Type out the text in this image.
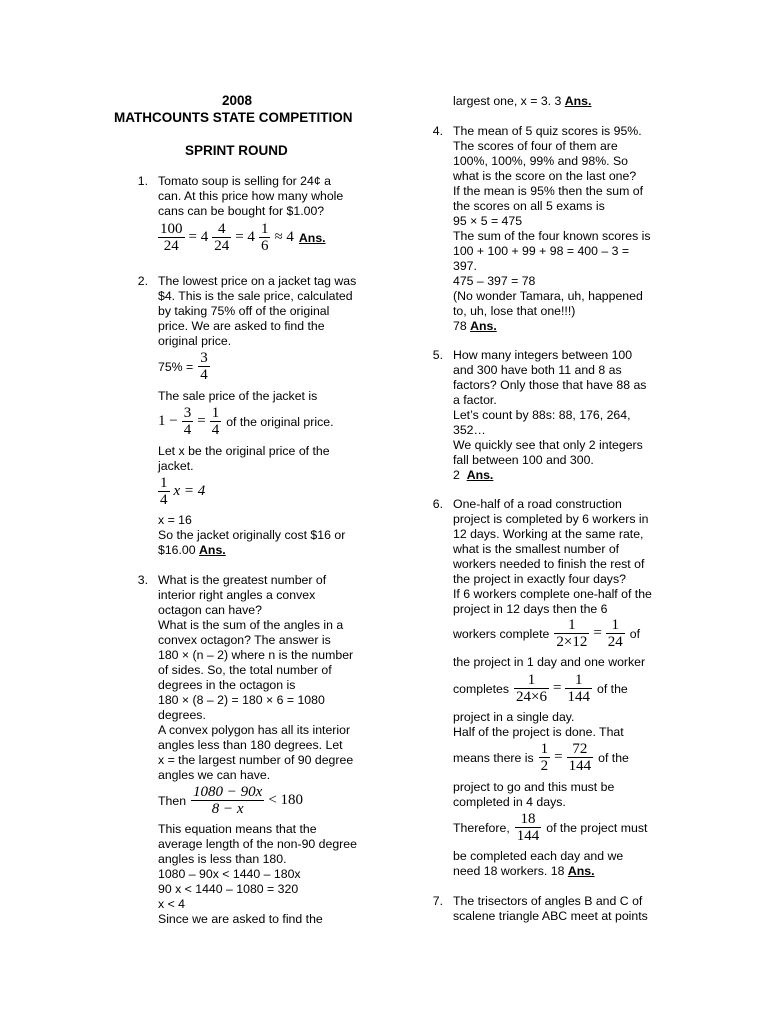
2008
MATHCOUNTS STATE COMPETITION
SPRINT ROUND
1. Tomato soup is selling for 24¢ a
can. At this price how many whole
cans can be bought for $1.00?
$\frac{100}{24} = 4 \frac{4}{24} = 4 \frac{1}{6} \approx 4$ Ans.
2. The lowest price on a jacket tag was
$4. This is the sale price, calculated
by taking 75% off of the original
price. We are asked to find the
original price.
$75\% = \frac{3}{4}$
The sale price of the jacket is
$1 - \frac{3}{4} = \frac{1}{4}$ of the original price.
Let x be the original price of the
jacket.
$\frac{1}{4}$ x = 4
x = 16
So the jacket originally cost $16 or
$16.00 Ans.
3. What is the greatest number of
interior right angles a convex
octagon can have?
What is the sum of the angles in a
convex octagon? The answer is
180 × (n – 2) where n is the number
of sides. So, the total number of
degrees in the octagon is
180 × (8 – 2) = 180 × 6 = 1080
degrees.
A convex polygon has all its interior
angles less than 180 degrees. Let
x = the largest number of 90 degree
angles we can have.
Then $\frac{1080 - 90x}{8 - x} < 180$
This equation means that the
average length of the non-90 degree
angles is less than 180.
1080 – 90x < 1440 – 180x
90 x < 1440 – 1080 = 320
x < 4
Since we are asked to find the
largest one, x = 3. 3 Ans.
4. The mean of 5 quiz scores is 95%.
The scores of four of them are
100%, 100%, 99% and 98%. So
what is the score on the last one?
If the mean is 95% then the sum of
the scores on all 5 exams is
95 × 5 = 475
The sum of the four known scores is
100 + 100 + 99 + 98 = 400 – 3 =
397.
475 – 397 = 78
(No wonder Tamara, uh, happened
to, uh, lose that one!!!)
78 Ans.
5. How many integers between 100
and 300 have both 11 and 8 as
factors? Only those that have 88 as
a factor.
Let’s count by 88s: 88, 176, 264,
352…
We quickly see that only 2 integers
fall between 100 and 300.
2 Ans.
6. One-half of a road construction
project is completed by 6 workers in
12 days. Working at the same rate,
what is the smallest number of
workers needed to finish the rest of
the project in exactly four days?
If 6 workers complete one-half of the
project in 12 days then the 6
workers complete $\frac{1}{2\times 12} = \frac{1}{24}$ of
the project in 1 day and one worker
completes $\frac{1}{24\times 6} = \frac{1}{144}$ of the
project in a single day.
Half of the project is done. That
means there is $\frac{1}{2} = \frac{72}{144}$ of the
project to go and this must be
completed in 4 days.
Therefore, $\frac{18}{144}$ of the project must
be completed each day and we
need 18 workers. 18 Ans.
7. The trisectors of angles B and C of
scalene triangle ABC meet at points
